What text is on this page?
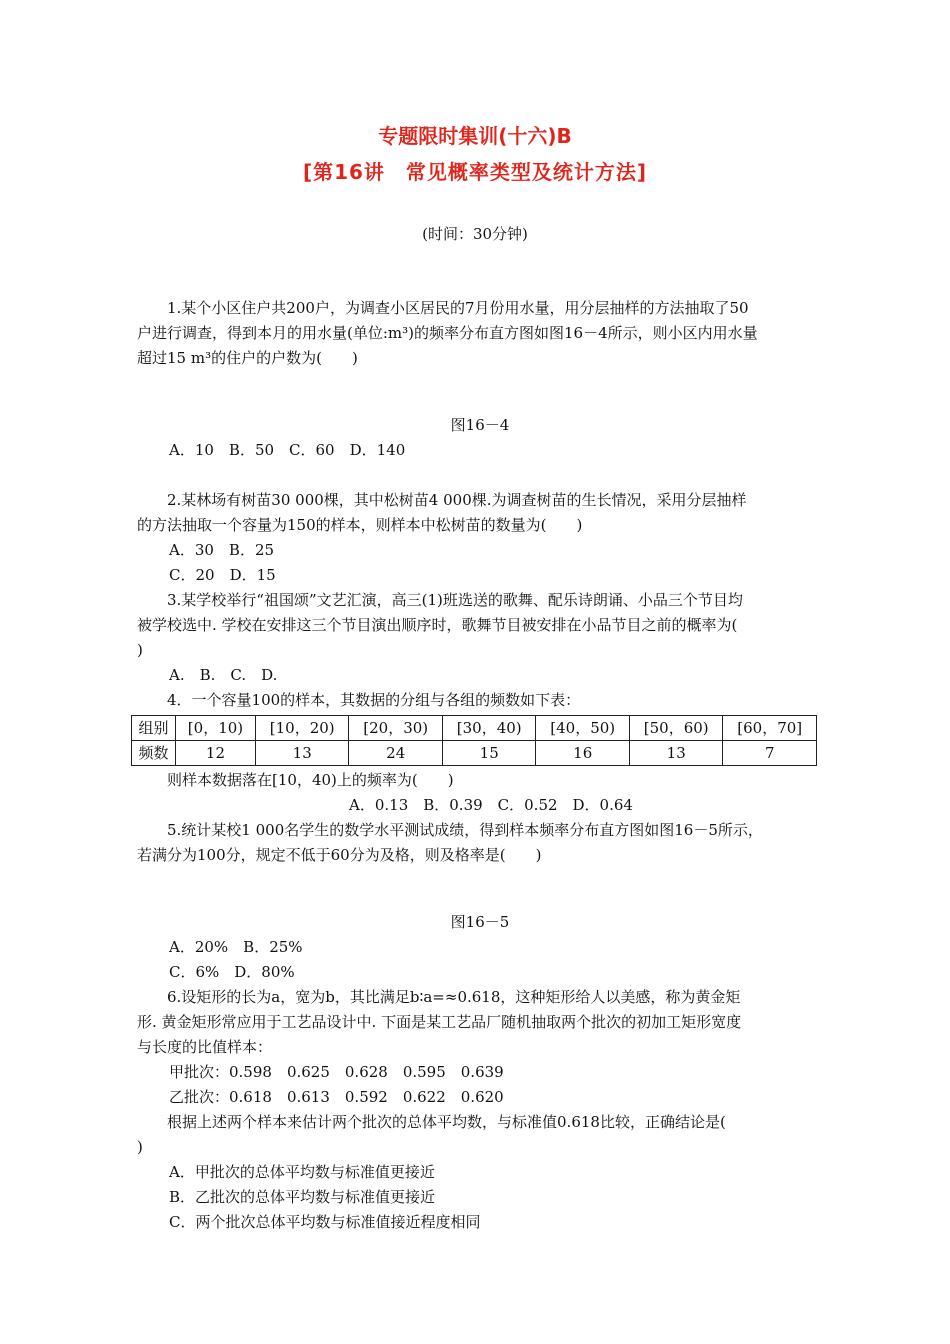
专题限时集训(十六)B
[第16讲　常见概率类型及统计方法]
(时间：30分钟)

1.某个小区住户共200户，为调查小区居民的7月份用水量，用分层抽样的方法抽取了50

户进行调查，得到本月的用水量(单位:m³)的频率分布直方图如图16－4所示，则小区内用水量

超过15 m³的住户的户数为(　　)

图16－4

A．10　B．50　C．60　D．140

2.某林场有树苗30 000棵，其中松树苗4 000棵.为调查树苗的生长情况，采用分层抽样

的方法抽取一个容量为150的样本，则样本中松树苗的数量为(　　)

A．30　B．25

C．20　D．15

3.某学校举行“祖国颂”文艺汇演，高三(1)班选送的歌舞、配乐诗朗诵、小品三个节目均

被学校选中. 学校在安排这三个节目演出顺序时，歌舞节目被安排在小品节目之前的概率为(

)

A.　B.　C.　D.

4．一个容量100的样本，其数据的分组与各组的频数如下表：

组别	[0，10)	[10，20)	[20，30)	[30，40)	[40，50)	[50，60)	[60，70]
频数	12	13	24	15	16	13	7

则样本数据落在[10，40)上的频率为(　　)

A．0.13　B．0.39　C．0.52　D．0.64

5.统计某校1 000名学生的数学水平测试成绩，得到样本频率分布直方图如图16－5所示，

若满分为100分，规定不低于60分为及格，则及格率是(　　)

图16－5

A．20%　B．25%

C．6%　D．80%

6.设矩形的长为a，宽为b，其比满足b∶a=≈0.618，这种矩形给人以美感，称为黄金矩

形. 黄金矩形常应用于工艺品设计中. 下面是某工艺品厂随机抽取两个批次的初加工矩形宽度

与长度的比值样本：

甲批次：0.598　0.625　0.628　0.595　0.639

乙批次：0.618　0.613　0.592　0.622　0.620

根据上述两个样本来估计两个批次的总体平均数，与标准值0.618比较，正确结论是(

)

A．甲批次的总体平均数与标准值更接近

B．乙批次的总体平均数与标准值更接近

C．两个批次总体平均数与标准值接近程度相同
